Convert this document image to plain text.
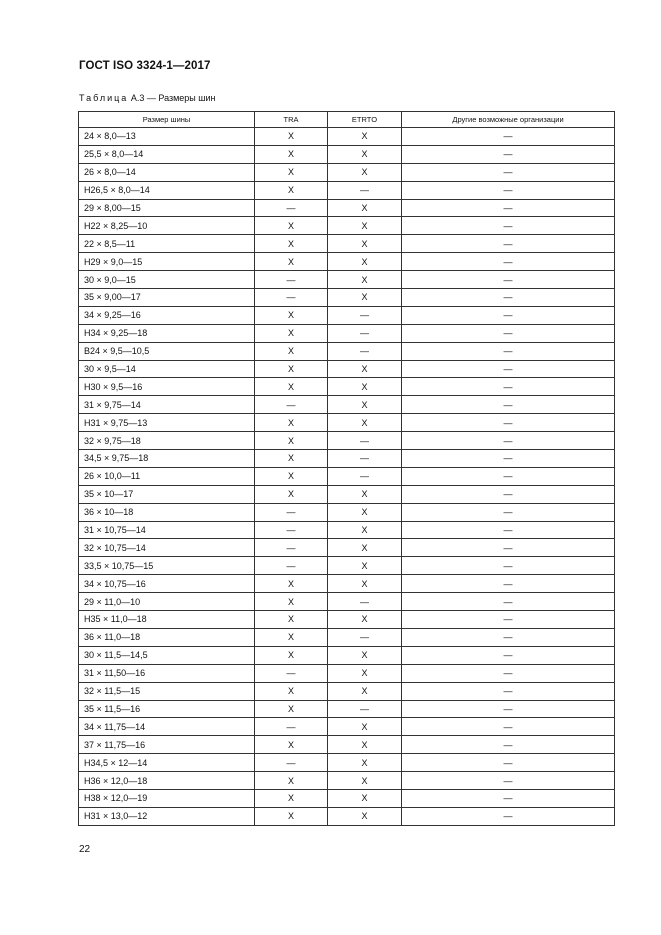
ГОСТ ISO 3324-1—2017
Таблица А.3 — Размеры шин
Размер шины	TRA	ETRTO	Другие возможные организации
24 × 8,0—13	X	X	—
25,5 × 8,0—14	X	X	—
26 × 8,0—14	X	X	—
H26,5 × 8,0—14	X	—	—
29 × 8,00—15	—	X	—
H22 × 8,25—10	X	X	—
22 × 8,5—11	X	X	—
H29 × 9,0—15	X	X	—
30 × 9,0—15	—	X	—
35 × 9,00—17	—	X	—
34 × 9,25—16	X	—	—
H34 × 9,25—18	X	—	—
B24 × 9,5—10,5	X	—	—
30 × 9,5—14	X	X	—
H30 × 9,5—16	X	X	—
31 × 9,75—14	—	X	—
H31 × 9,75—13	X	X	—
32 × 9,75—18	X	—	—
34,5 × 9,75—18	X	—	—
26 × 10,0—11	X	—	—
35 × 10—17	X	X	—
36 × 10—18	—	X	—
31 × 10,75—14	—	X	—
32 × 10,75—14	—	X	—
33,5 × 10,75—15	—	X	—
34 × 10,75—16	X	X	—
29 × 11,0—10	X	—	—
H35 × 11,0—18	X	X	—
36 × 11,0—18	X	—	—
30 × 11,5—14,5	X	X	—
31 × 11,50—16	—	X	—
32 × 11,5—15	X	X	—
35 × 11,5—16	X	—	—
34 × 11,75—14	—	X	—
37 × 11,75—16	X	X	—
H34,5 × 12—14	—	X	—
H36 × 12,0—18	X	X	—
H38 × 12,0—19	X	X	—
H31 × 13,0—12	X	X	—
22
